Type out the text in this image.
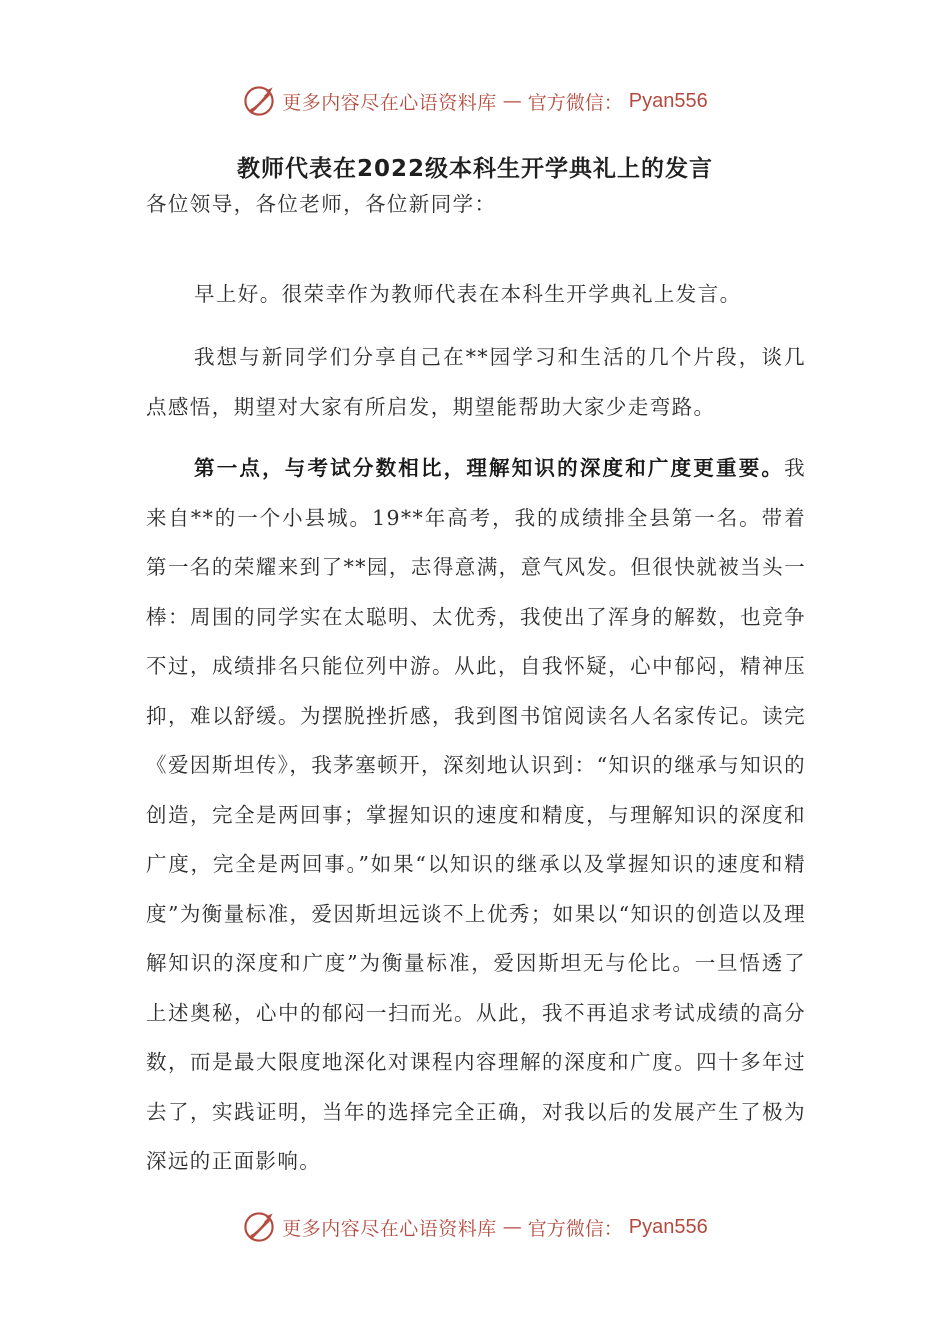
更多内容尽在心语资料库 — 官方微信： Pyan556
教师代表在2022级本科生开学典礼上的发言

各位领导，各位老师，各位新同学：

早上好。很荣幸作为教师代表在本科生开学典礼上发言。

我想与新同学们分享自己在**园学习和生活的几个片段，谈几点感悟，期望对大家有所启发，期望能帮助大家少走弯路。

第一点，与考试分数相比，理解知识的深度和广度更重要。我来自**的一个小县城。19**年高考，我的成绩排全县第一名。带着第一名的荣耀来到了**园，志得意满，意气风发。但很快就被当头一棒：周围的同学实在太聪明、太优秀，我使出了浑身的解数，也竞争不过，成绩排名只能位列中游。从此，自我怀疑，心中郁闷，精神压抑，难以舒缓。为摆脱挫折感，我到图书馆阅读名人名家传记。读完《爱因斯坦传》，我茅塞顿开，深刻地认识到：“知识的继承与知识的创造，完全是两回事；掌握知识的速度和精度，与理解知识的深度和广度，完全是两回事。”如果“以知识的继承以及掌握知识的速度和精度”为衡量标准，爱因斯坦远谈不上优秀；如果以“知识的创造以及理解知识的深度和广度”为衡量标准，爱因斯坦无与伦比。一旦悟透了上述奥秘，心中的郁闷一扫而光。从此，我不再追求考试成绩的高分数，而是最大限度地深化对课程内容理解的深度和广度。四十多年过去了，实践证明，当年的选择完全正确，对我以后的发展产生了极为深远的正面影响。

更多内容尽在心语资料库 — 官方微信： Pyan556
